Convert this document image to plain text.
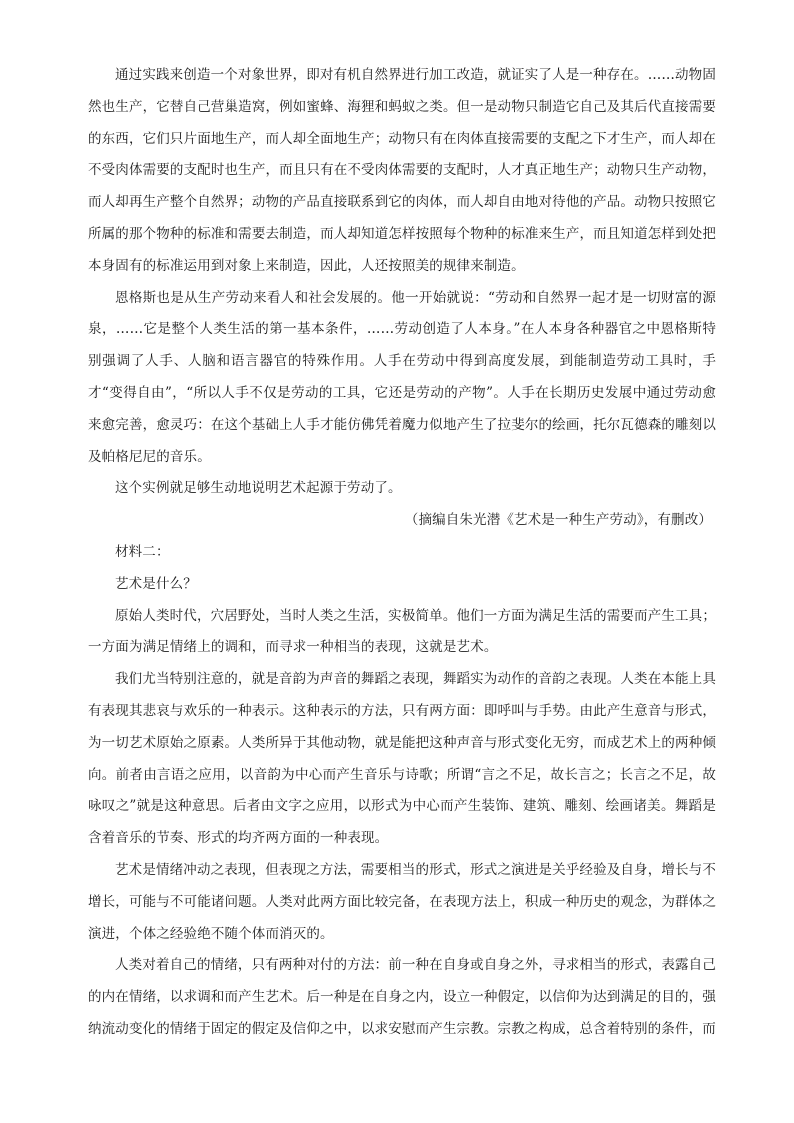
通过实践来创造一个对象世界，即对有机自然界进行加工改造，就证实了人是一种存在。……动物固然也生产，它替自己营巢造窝，例如蜜蜂、海狸和蚂蚁之类。但一是动物只制造它自己及其后代直接需要的东西，它们只片面地生产，而人却全面地生产；动物只有在肉体直接需要的支配之下才生产，而人却在不受肉体需要的支配时也生产，而且只有在不受肉体需要的支配时，人才真正地生产；动物只生产动物，而人却再生产整个自然界；动物的产品直接联系到它的肉体，而人却自由地对待他的产品。动物只按照它所属的那个物种的标准和需要去制造，而人却知道怎样按照每个物种的标准来生产，而且知道怎样到处把本身固有的标准运用到对象上来制造，因此，人还按照美的规律来制造。

恩格斯也是从生产劳动来看人和社会发展的。他一开始就说：“劳动和自然界一起才是一切财富的源泉，……它是整个人类生活的第一基本条件，……劳动创造了人本身。”在人本身各种器官之中恩格斯特别强调了人手、人脑和语言器官的特殊作用。人手在劳动中得到高度发展，到能制造劳动工具时，手才“变得自由”，“所以人手不仅是劳动的工具，它还是劳动的产物”。人手在长期历史发展中通过劳动愈来愈完善，愈灵巧：在这个基础上人手才能仿佛凭着魔力似地产生了拉斐尔的绘画，托尔瓦德森的雕刻以及帕格尼尼的音乐。

这个实例就足够生动地说明艺术起源于劳动了。

（摘编自朱光潜《艺术是一种生产劳动》，有删改）

材料二：

艺术是什么？

原始人类时代，穴居野处，当时人类之生活，实极简单。他们一方面为满足生活的需要而产生工具；一方面为满足情绪上的调和，而寻求一种相当的表现，这就是艺术。

我们尤当特别注意的，就是音韵为声音的舞蹈之表现，舞蹈实为动作的音韵之表现。人类在本能上具有表现其悲哀与欢乐的一种表示。这种表示的方法，只有两方面：即呼叫与手势。由此产生意音与形式，为一切艺术原始之原素。人类所异于其他动物，就是能把这种声音与形式变化无穷，而成艺术上的两种倾向。前者由言语之应用，以音韵为中心而产生音乐与诗歌；所谓“言之不足，故长言之；长言之不足，故咏叹之”就是这种意思。后者由文字之应用，以形式为中心而产生装饰、建筑、雕刻、绘画诸美。舞蹈是含着音乐的节奏、形式的均齐两方面的一种表现。

艺术是情绪冲动之表现，但表现之方法，需要相当的形式，形式之演进是关乎经验及自身，增长与不增长，可能与不可能诸问题。人类对此两方面比较完备，在表现方法上，积成一种历史的观念，为群体之演进，个体之经验绝不随个体而消灭的。

人类对着自己的情绪，只有两种对付的方法：前一种在自身或自身之外，寻求相当的形式，表露自己的内在情绪，以求调和而产生艺术。后一种是在自身之内，设立一种假定，以信仰为达到满足的目的，强纳流动变化的情绪于固定的假定及信仰之中，以求安慰而产生宗教。宗教之构成，总含着特别的条件，而
